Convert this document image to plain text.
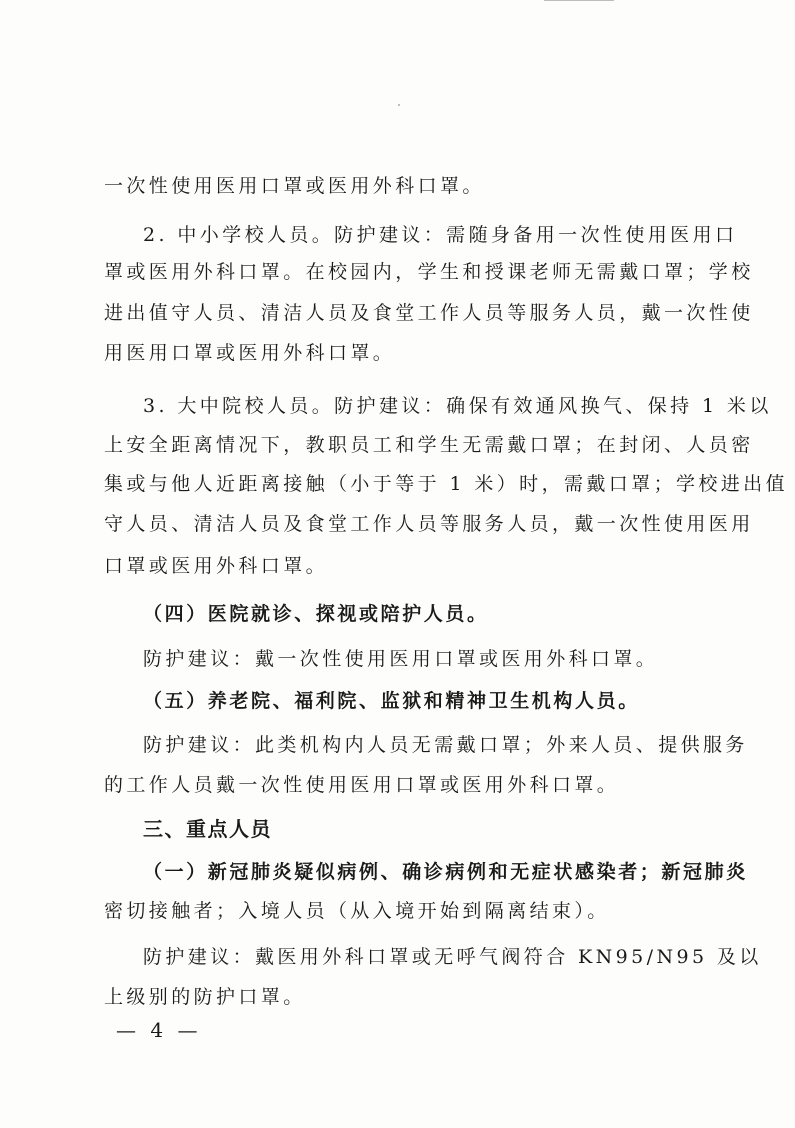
一次性使用医用口罩或医用外科口罩。
2. 中小学校人员。防护建议：需随身备用一次性使用医用口
罩或医用外科口罩。在校园内，学生和授课老师无需戴口罩；学校
进出值守人员、清洁人员及食堂工作人员等服务人员，戴一次性使
用医用口罩或医用外科口罩。
3. 大中院校人员。防护建议：确保有效通风换气、保持 1 米以
上安全距离情况下，教职员工和学生无需戴口罩；在封闭、人员密
集或与他人近距离接触（小于等于 1 米）时，需戴口罩；学校进出值
守人员、清洁人员及食堂工作人员等服务人员，戴一次性使用医用
口罩或医用外科口罩。
（四）医院就诊、探视或陪护人员。
防护建议：戴一次性使用医用口罩或医用外科口罩。
（五）养老院、福利院、监狱和精神卫生机构人员。
防护建议：此类机构内人员无需戴口罩；外来人员、提供服务
的工作人员戴一次性使用医用口罩或医用外科口罩。
三、重点人员
（一）新冠肺炎疑似病例、确诊病例和无症状感染者；新冠肺炎
密切接触者；入境人员（从入境开始到隔离结束）。
防护建议：戴医用外科口罩或无呼气阀符合 KN95/N95 及以
上级别的防护口罩。
— 4 —
